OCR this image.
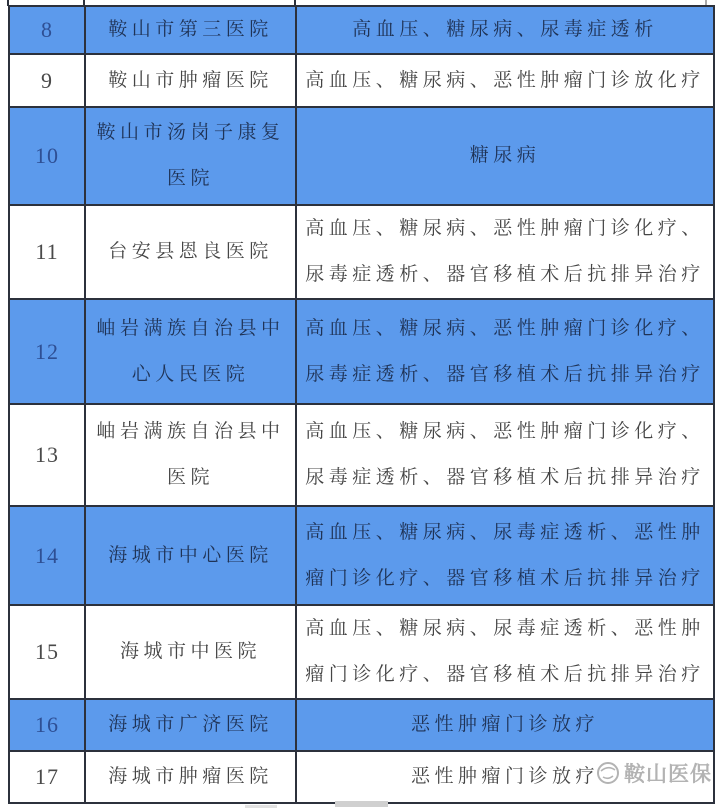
8	鞍山市第三医院	高血压、糖尿病、尿毒症透析
9	鞍山市肿瘤医院	高血压、糖尿病、恶性肿瘤门诊放化疗
10	鞍山市汤岗子康复医院	糖尿病
11	台安县恩良医院	高血压、糖尿病、恶性肿瘤门诊化疗、尿毒症透析、器官移植术后抗排异治疗
12	岫岩满族自治县中心人民医院	高血压、糖尿病、恶性肿瘤门诊化疗、尿毒症透析、器官移植术后抗排异治疗
13	岫岩满族自治县中医院	高血压、糖尿病、恶性肿瘤门诊化疗、尿毒症透析、器官移植术后抗排异治疗
14	海城市中心医院	高血压、糖尿病、尿毒症透析、恶性肿瘤门诊化疗、器官移植术后抗排异治疗
15	海城市中医院	高血压、糖尿病、尿毒症透析、恶性肿瘤门诊化疗、器官移植术后抗排异治疗
16	海城市广济医院	恶性肿瘤门诊放疗
17	海城市肿瘤医院	恶性肿瘤门诊放疗 鞍山医保
